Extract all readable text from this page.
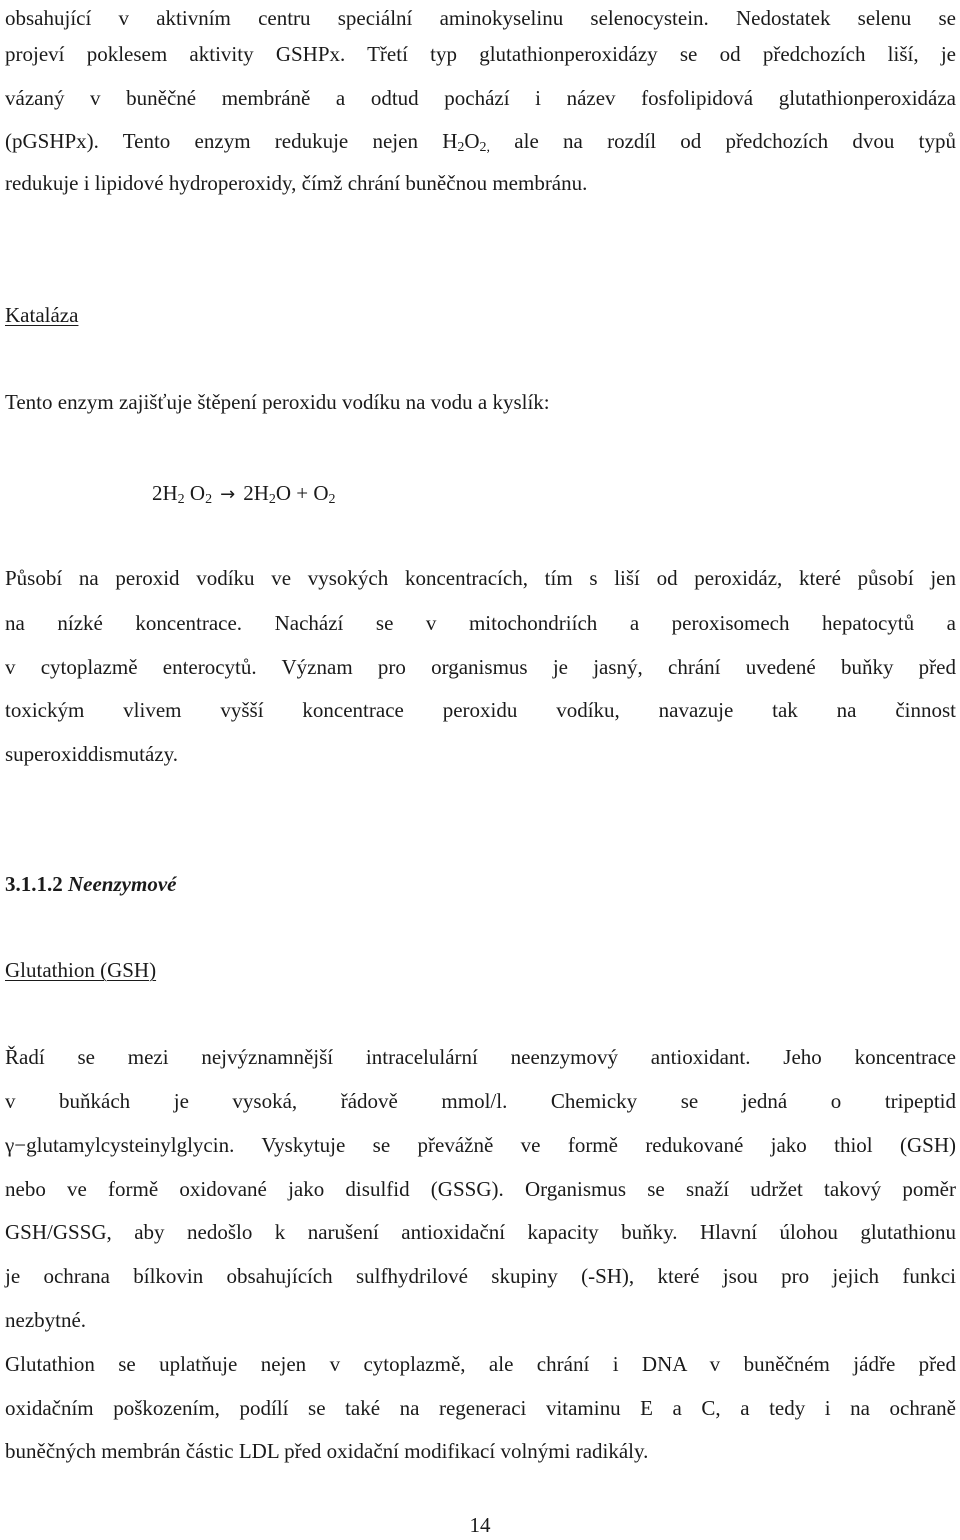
obsahující v aktivním centru speciální aminokyselinu selenocystein. Nedostatek selenu se
projeví poklesem aktivity GSHPx. Třetí typ glutathionperoxidázy se od předchozích liší, je
vázaný v buněčné membráně a odtud pochází i název fosfolipidová glutathionperoxidáza
(pGSHPx). Tento enzym redukuje nejen $H_2O_{2,}$ ale na rozdíl od předchozích dvou typů
redukuje i lipidové hydroperoxidy, čímž chrání buněčnou membránu.
Kataláza
Tento enzym zajišťuje štěpení peroxidu vodíku na vodu a kyslík:
$2H_2$ $O_2 \to 2H_2O + O_2$
Působí na peroxid vodíku ve vysokých koncentracích, tím s liší od peroxidáz, které působí jen
na nízké koncentrace. Nachází se v mitochondriích a peroxisomech hepatocytů a
v cytoplazmě enterocytů. Význam pro organismus je jasný, chrání uvedené buňky před
toxickým vlivem vyšší koncentrace peroxidu vodíku, navazuje tak na činnost
superoxiddismutázy.
3.1.1.2 Neenzymové
Glutathion (GSH)
Řadí se mezi nejvýznamnější intracelulární neenzymový antioxidant. Jeho koncentrace
v buňkách je vysoká, řádově mmol/l. Chemicky se jedná o tripeptid
γ−glutamylcysteinylglycin. Vyskytuje se převážně ve formě redukované jako thiol (GSH)
nebo ve formě oxidované jako disulfid (GSSG). Organismus se snaží udržet takový poměr
GSH/GSSG, aby nedošlo k narušení antioxidační kapacity buňky. Hlavní úlohou glutathionu
je ochrana bílkovin obsahujících sulfhydrilové skupiny (-SH), které jsou pro jejich funkci
nezbytné.
Glutathion se uplatňuje nejen v cytoplazmě, ale chrání i DNA v buněčném jádře před
oxidačním poškozením, podílí se také na regeneraci vitaminu E a C, a tedy i na ochraně
buněčných membrán částic LDL před oxidační modifikací volnými radikály.
14
